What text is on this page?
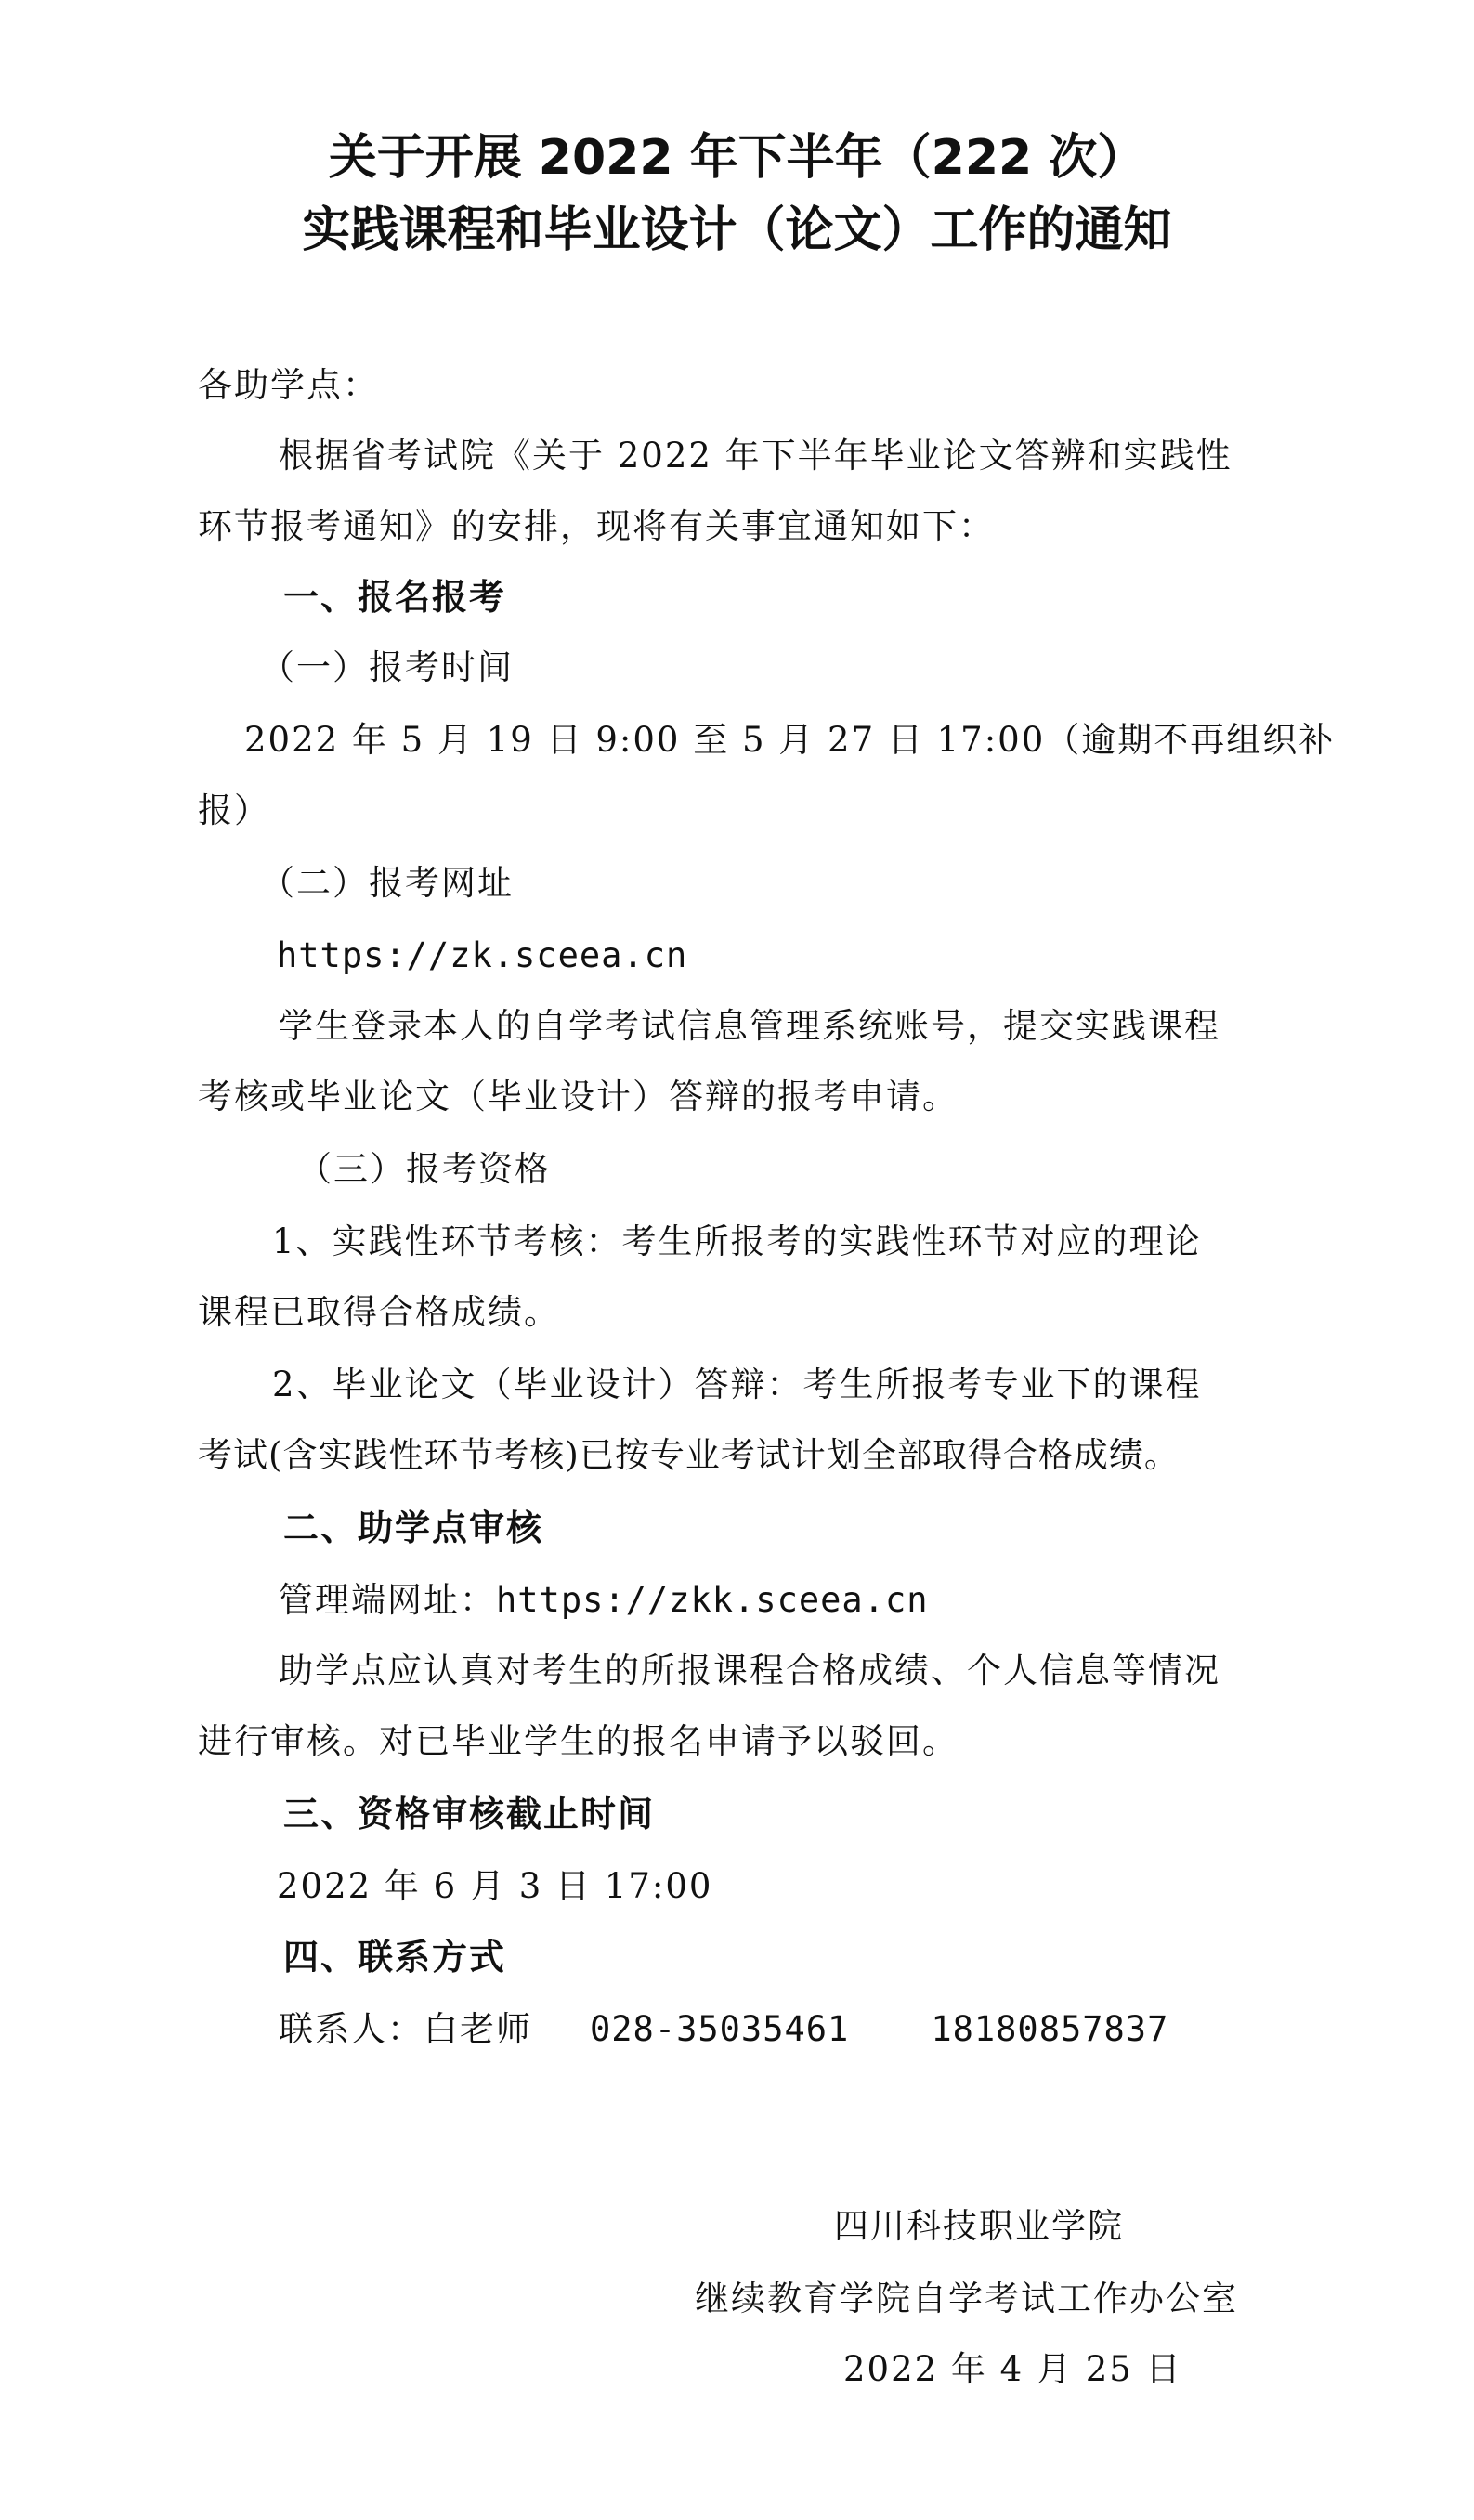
关于开展 2022 年下半年（222 次）
实践课程和毕业设计（论文）工作的通知
各助学点：
根据省考试院《关于 2022 年下半年毕业论文答辨和实践性
环节报考通知》的安排，现将有关事宜通知如下：
一、报名报考
（一）报考时间
2022 年 5 月 19 日 9:00 至 5 月 27 日 17:00（逾期不再组织补
报）
（二）报考网址
https://zk.sceea.cn
学生登录本人的自学考试信息管理系统账号，提交实践课程
考核或毕业论文（毕业设计）答辩的报考申请。
（三）报考资格
1、实践性环节考核：考生所报考的实践性环节对应的理论
课程已取得合格成绩。
2、毕业论文（毕业设计）答辩：考生所报考专业下的课程
考试(含实践性环节考核)已按专业考试计划全部取得合格成绩。
二、助学点审核
管理端网址：https://zkk.sceea.cn
助学点应认真对考生的所报课程合格成绩、个人信息等情况
进行审核。对已毕业学生的报名申请予以驳回。
三、资格审核截止时间
2022 年 6 月 3 日 17:00
四、联系方式
联系人：白老师 028-35035461 18180857837
四川科技职业学院
继续教育学院自学考试工作办公室
2022 年 4 月 25 日
